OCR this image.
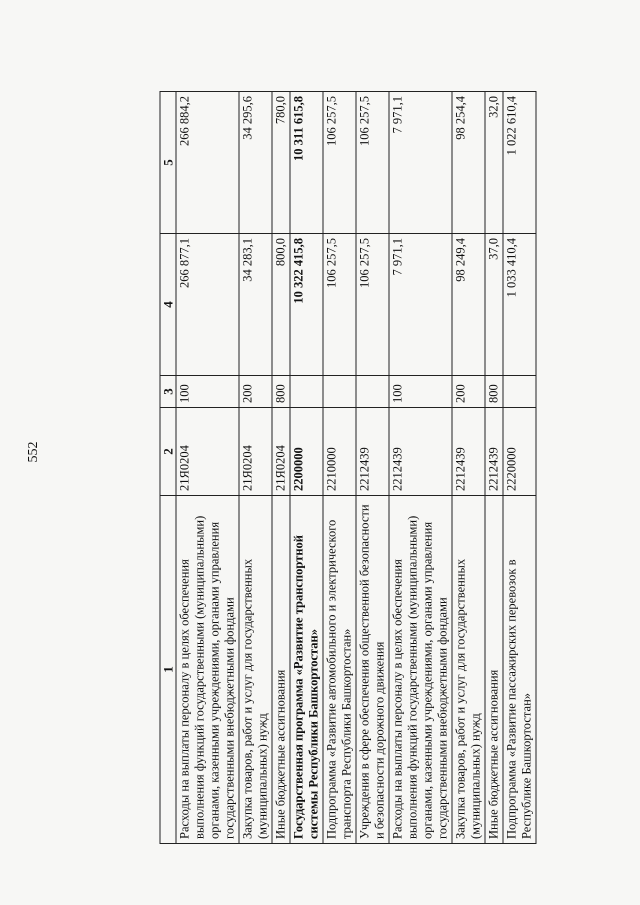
552
1	2	3	4	5
Расходы на выплаты персоналу в целях обеспечения выполнения функций государственными (муниципальными) органами, казенными учреждениями, органами управления государственными внебюджетными фондами	21Я0204	100	266 877,1	266 884,2
Закупка товаров, работ и услуг для государственных (муниципальных) нужд	21Я0204	200	34 283,1	34 295,6
Иные бюджетные ассигнования	21Я0204	800	800,0	780,0
Государственная программа «Развитие транспортной системы Республики Башкортостан»	2200000		10 322 415,8	10 311 615,8
Подпрограмма «Развитие автомобильного и электрического транспорта Республики Башкортостан»	2210000		106 257,5	106 257,5
Учреждения в сфере обеспечения общественной безопасности и безопасности дорожного движения	2212439		106 257,5	106 257,5
Расходы на выплаты персоналу в целях обеспечения выполнения функций государственными (муниципальными) органами, казенными учреждениями, органами управления государственными внебюджетными фондами	2212439	100	7 971,1	7 971,1
Закупка товаров, работ и услуг для государственных (муниципальных) нужд	2212439	200	98 249,4	98 254,4
Иные бюджетные ассигнования	2212439	800	37,0	32,0
Подпрограмма «Развитие пассажирских перевозок в Республике Башкортостан»	2220000		1 033 410,4	1 022 610,4
